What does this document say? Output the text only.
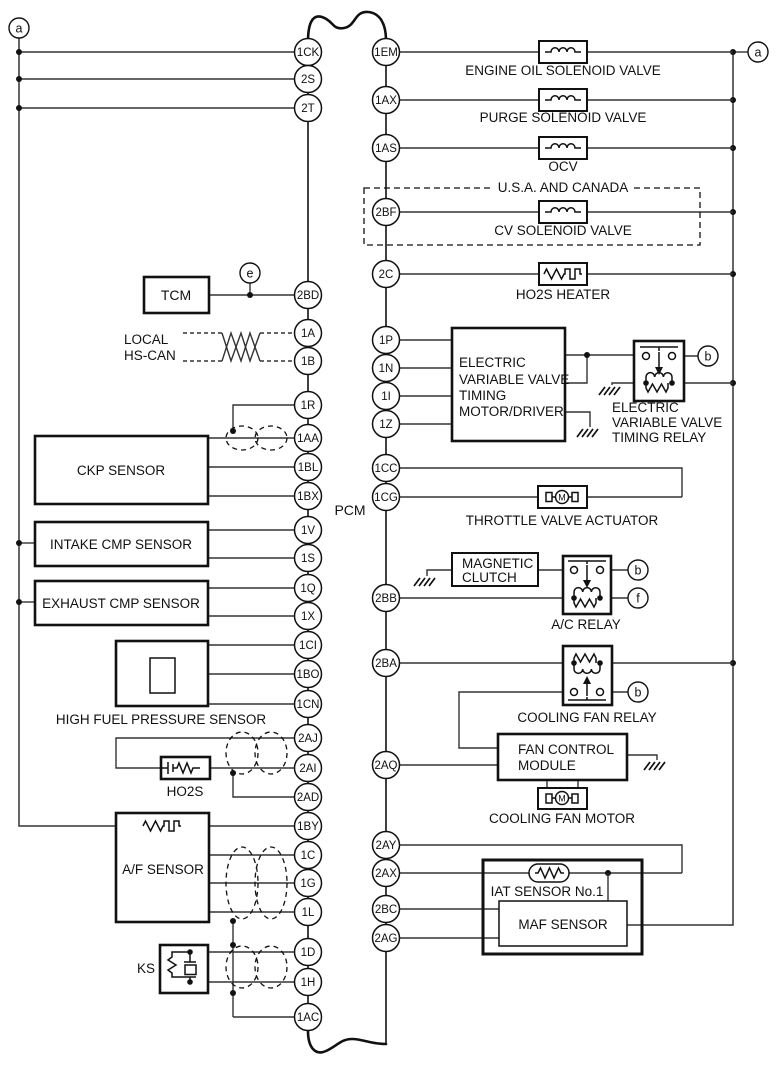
ENGINE OIL SOLENOID VALVE
PURGE SOLENOID VALVE
OCV
U.S.A. AND CANADA
CV SOLENOID VALVE
HO2S HEATER
TCM
LOCAL
HS-CAN
CKP SENSOR
INTAKE CMP SENSOR
EXHAUST CMP SENSOR
HIGH FUEL PRESSURE SENSOR
HO2S
A/F SENSOR
KS
PCM
ELECTRIC
VARIABLE VALVE
TIMING
MOTOR/DRIVER	ELECTRIC
VARIABLE VALVE
TIMING RELAY
M
THROTTLE VALVE ACTUATOR
MAGNETIC
CLUTCH
A/C RELAY
COOLING FAN RELAY
FAN CONTROL
MODULE
M
COOLING FAN MOTOR
IAT SENSOR No.1
MAF SENSOR
1CK
2S
2T
2BD
1A
1B
1R
1AA
1BL
1BX
1V
1S
1Q
1X
1CI
1BO
1CN
2AJ
2AI
2AD
1BY
1C
1G
1L
1D
1H
1AC
1EM
1AX
1AS
2BF
2C
1P
1N
1I
1Z
1CC
1CG
2BB
2BA
2AQ
2AY
2AX
2BC
2AG
a
a
e
b
b
f
b
